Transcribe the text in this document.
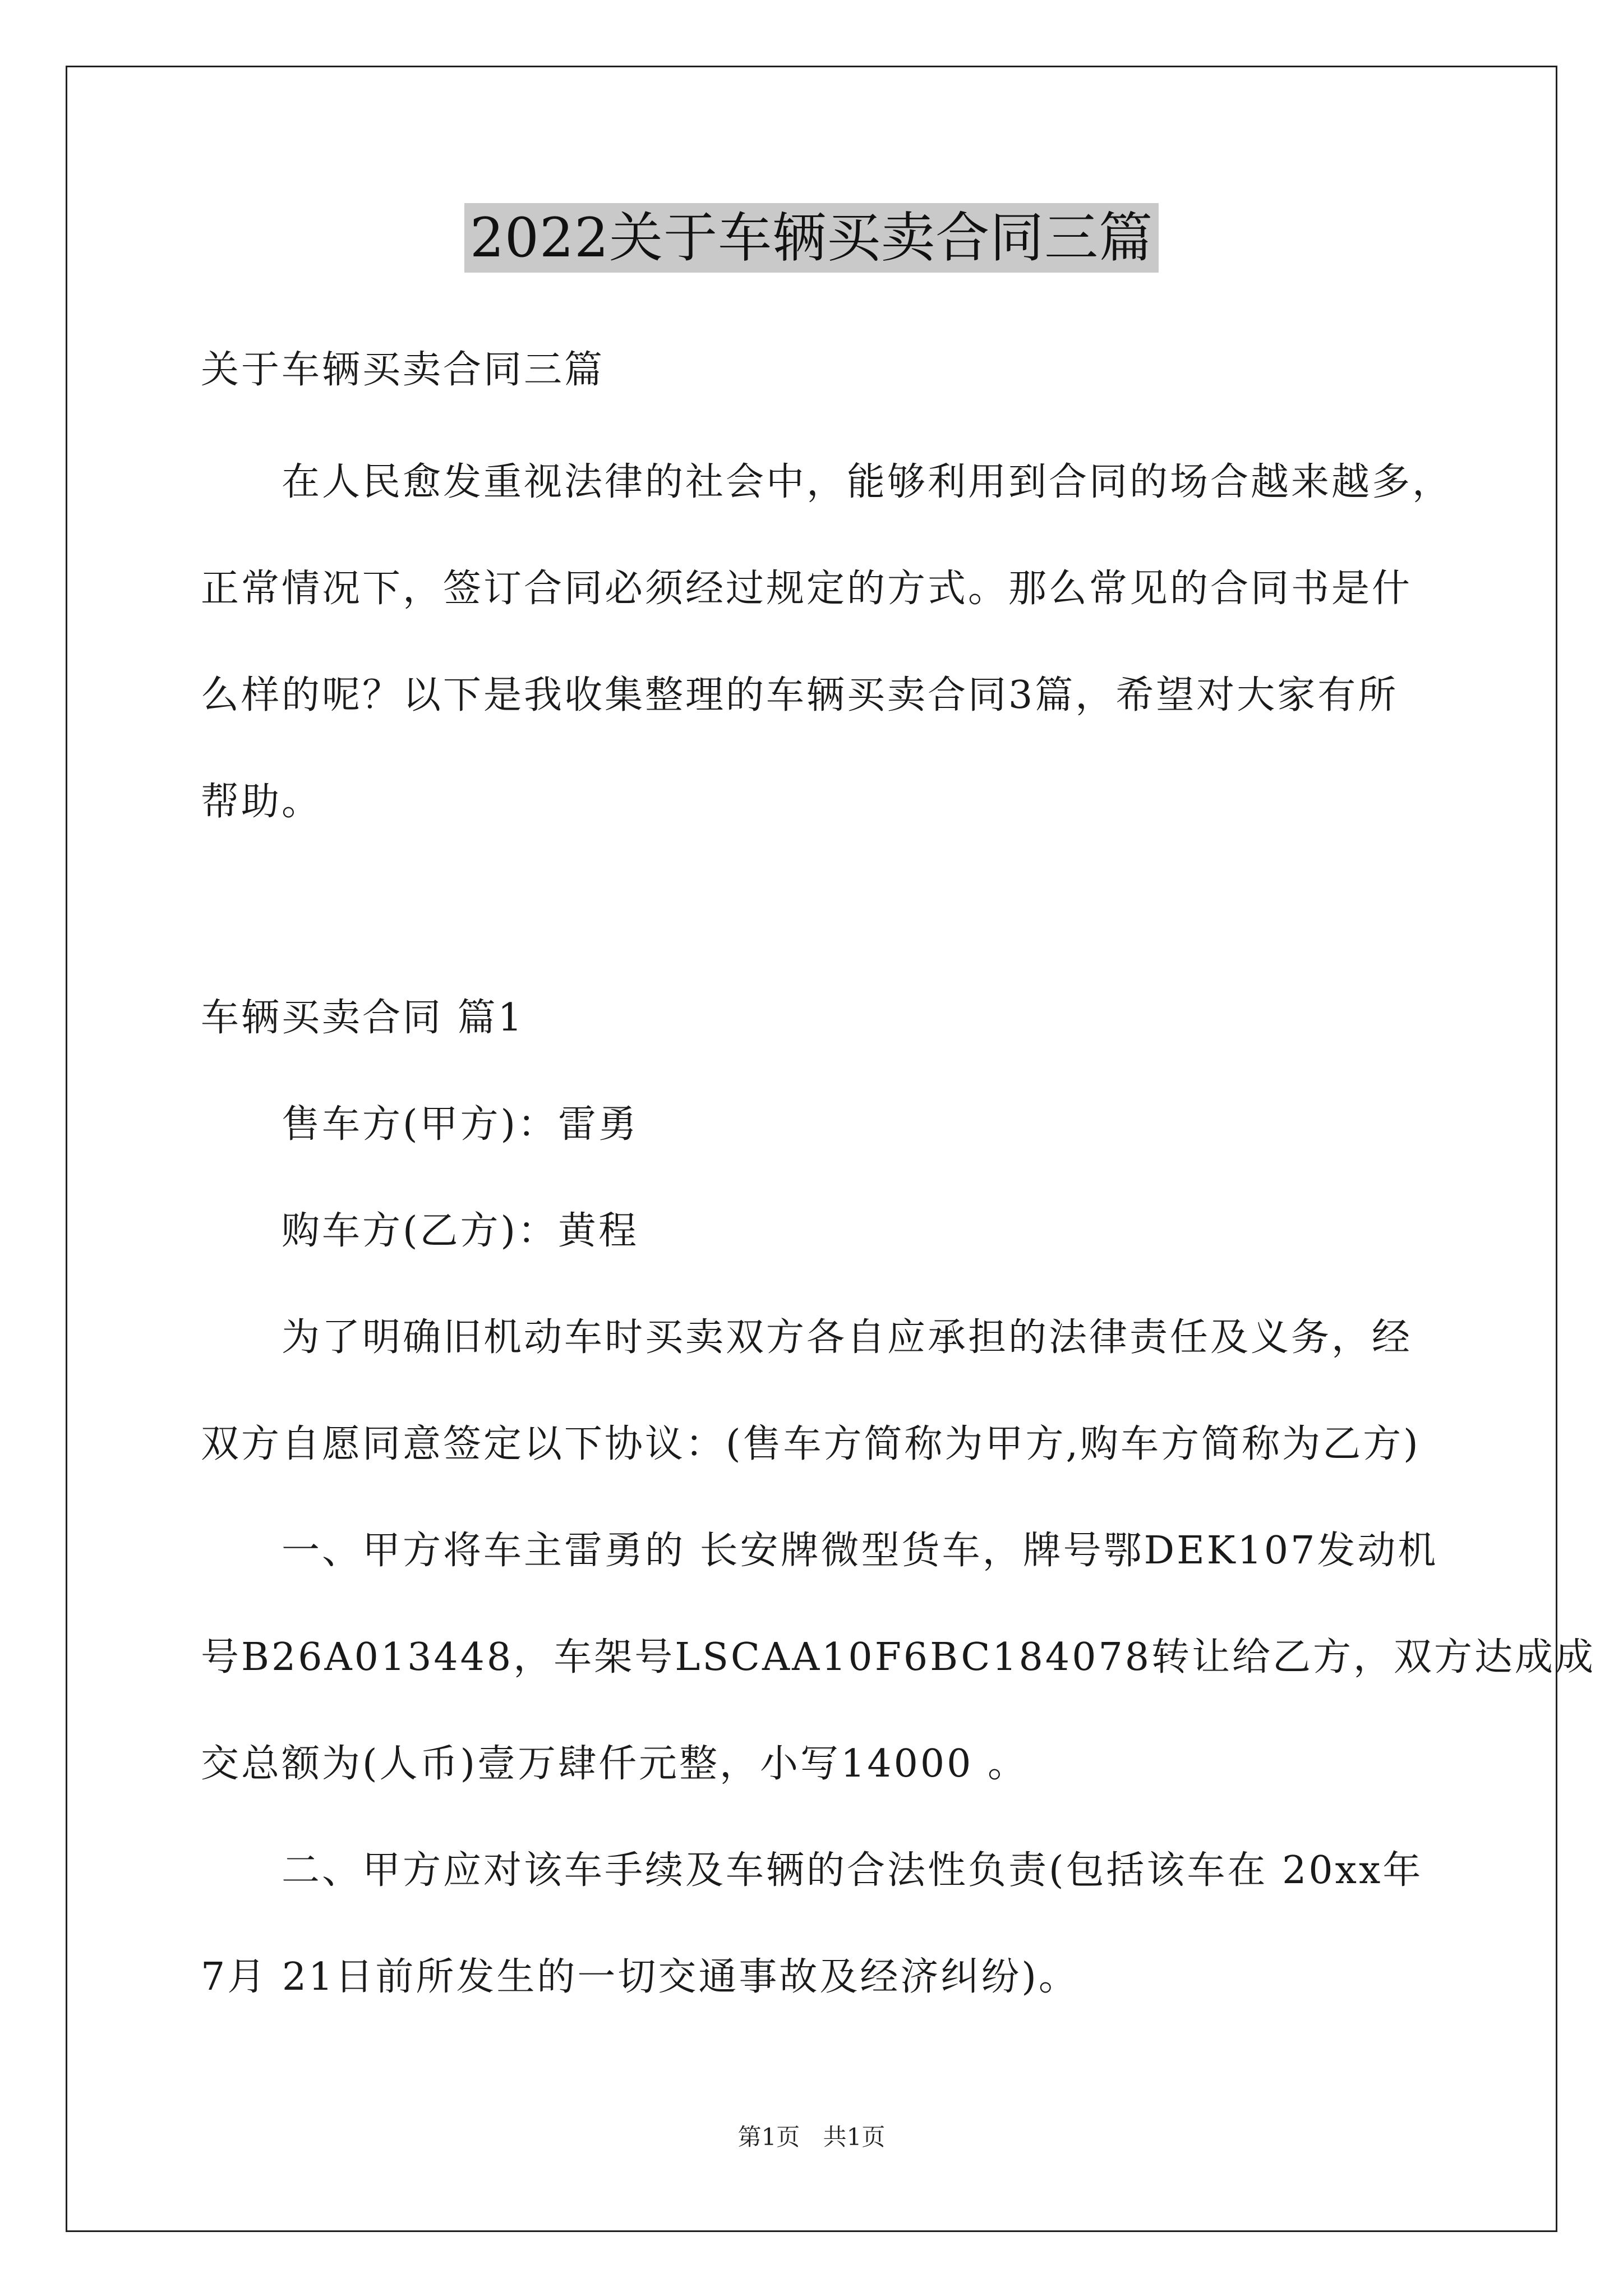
2022关于车辆买卖合同三篇
关于车辆买卖合同三篇
在人民愈发重视法律的社会中，能够利用到合同的场合越来越多，
正常情况下，签订合同必须经过规定的方式。那么常见的合同书是什
么样的呢？以下是我收集整理的车辆买卖合同3篇，希望对大家有所
帮助。
车辆买卖合同 篇1
售车方(甲方)：雷勇
购车方(乙方)：黄程
为了明确旧机动车时买卖双方各自应承担的法律责任及义务，经
双方自愿同意签定以下协议：(售车方简称为甲方,购车方简称为乙方)
一、甲方将车主雷勇的 长安牌微型货车，牌号鄂DEK107发动机
号B26A013448，车架号LSCAA10F6BC184078转让给乙方，双方达成成
交总额为(人币)壹万肆仟元整，小写14000 。
二、甲方应对该车手续及车辆的合法性负责(包括该车在 20xx年
7月 21日前所发生的一切交通事故及经济纠纷)。
第1页 共1页
